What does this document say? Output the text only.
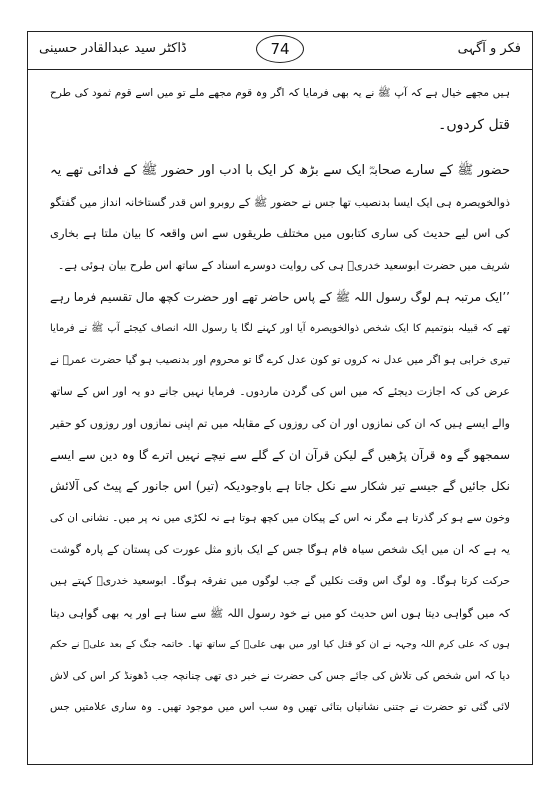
فکر و آگہی
74
ڈاکٹر سید عبدالقادر حسینی
ہیں مجھے خیال ہے کہ آپ ﷺ نے یہ بھی فرمایا کہ اگر وہ قوم مجھے ملے تو میں اسے قوم ثمود کی طرح
قتل کردوں۔
حضور ﷺ کے سارے صحابہؓ ایک سے بڑھ کر ایک با ادب اور حضور ﷺ کے فدائی تھے یہ
ذوالخویصرہ ہی ایک ایسا بدنصیب تھا جس نے حضور ﷺ کے روبرو اس قدر گستاخانہ انداز میں گفتگو
کی اس لیے حدیث کی ساری کتابوں میں مختلف طریقوں سے اس واقعہ کا بیان ملتا ہے بخاری
شریف میں حضرت ابوسعید خدریؓ ہی کی روایت دوسرے اسناد کے ساتھ اس طرح بیان ہوئی ہے۔
’’ایک مرتبہ ہم لوگ رسول اللہ ﷺ کے پاس حاضر تھے اور حضرت کچھ مال تقسیم فرما رہے
تھے کہ قبیلہ بنوتمیم کا ایک شخص ذوالخویصرہ آیا اور کہنے لگا یا رسول اللہ انصاف کیجئے آپ ﷺ نے فرمایا
تیری خرابی ہو اگر میں عدل نہ کروں تو کون عدل کرے گا تو محروم اور بدنصیب ہو گیا حضرت عمرؓ نے
عرض کی کہ اجازت دیجئے کہ میں اس کی گردن ماردوں۔ فرمایا نہیں جانے دو یہ اور اس کے ساتھ
والے ایسے ہیں کہ ان کی نمازوں اور ان کی روزوں کے مقابلہ میں تم اپنی نمازوں اور روزوں کو حقیر
سمجھو گے وہ قرآن پڑھیں گے لیکن قرآن ان کے گلے سے نیچے نہیں اترے گا وہ دین سے ایسے
نکل جائیں گے جیسے تیر شکار سے نکل جاتا ہے باوجودیکہ (تیر) اس جانور کے پیٹ کی آلائش
وخون سے ہو کر گذرتا ہے مگر نہ اس کے پیکان میں کچھ ہوتا ہے نہ لکڑی میں نہ پر میں۔ نشانی ان کی
یہ ہے کہ ان میں ایک شخص سیاہ فام ہوگا جس کے ایک بازو مثل عورت کی پستان کے پارہ گوشت
حرکت کرتا ہوگا۔ وہ لوگ اس وقت نکلیں گے جب لوگوں میں تفرقہ ہوگا۔ ابوسعید خدریؓ کہتے ہیں
کہ میں گواہی دیتا ہوں اس حدیث کو میں نے خود رسول اللہ ﷺ سے سنا ہے اور یہ بھی گواہی دیتا
ہوں کہ علی کرم اللہ وجہہ نے ان کو قتل کیا اور میں بھی علیؓ کے ساتھ تھا۔ خاتمہ جنگ کے بعد علیؓ نے حکم
دیا کہ اس شخص کی تلاش کی جائے جس کی حضرت نے خبر دی تھی چنانچہ جب ڈھونڈ کر اس کی لاش
لائی گئی تو حضرت نے جتنی نشانیاں بتائی تھیں وہ سب اس میں موجود تھیں۔ وہ ساری علامتیں جس
